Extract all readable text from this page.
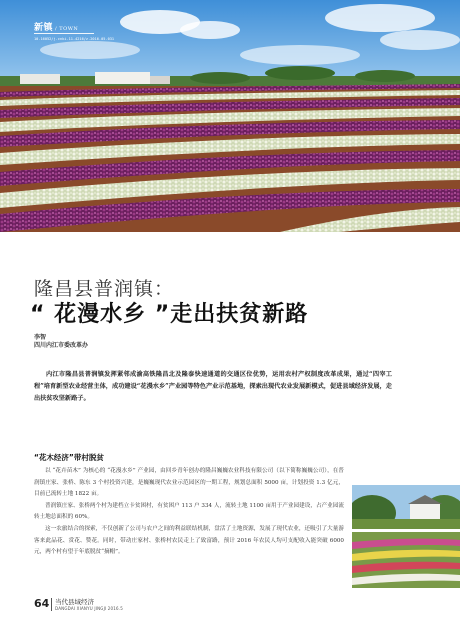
新镇 / TOWN
10.16052/j.cnki.11-4216/z.2016.05.031
隆昌县普润镇：
“ 花漫水乡 ”走出扶贫新路
李智
四川内江市委改革办

内江市隆昌县普润镇发挥紧邻成渝高铁隆昌北及隆泰快速通道的交通区位优势，运用农村产权制度改革成果，通过“四宰工程”培育新型农业经营主体，成功建设“花漫水乡”产业园等特色产业示范基地，探索出现代农业发展新模式，促进县域经济发展，走出扶贫攻坚新路子。

“花木经济”带村脱贫

以 “花卉苗木” 为核心的 “花漫水乡” 产业园，由回乡青年创办的隆昌巍巍农业科技有限公司（以下简称巍巍公司），在普润镇庄家、张桥、陈东 3 个村投资兴建，是巍巍现代农业示范园区的一期工程，规划总面积 5000 亩，计划投资 1.3 亿元，目前已流转土地 1822 亩。

普润镇庄家、张桥两个村为建档立卡贫困村，有贫困户 113 户 334 人，流转土地 1100 亩用于产业园建设，占产业园流转土地总面积的 60%。

这一农旅结合的探索，不仅创新了公司与农户之间的利益联结机制，盘活了土地资源，发展了现代农业，还吸引了大量游客来此品花、赏花、赞花。同时，带动庄家村、张桥村农民走上了致富路，预计 2016 年农民人均可支配收入能突破 6000 元，两个村有望于年底脱贫“摘帽”。

64 当代县域经济
DANGDAI XIANYU JINGJI 2016.5
